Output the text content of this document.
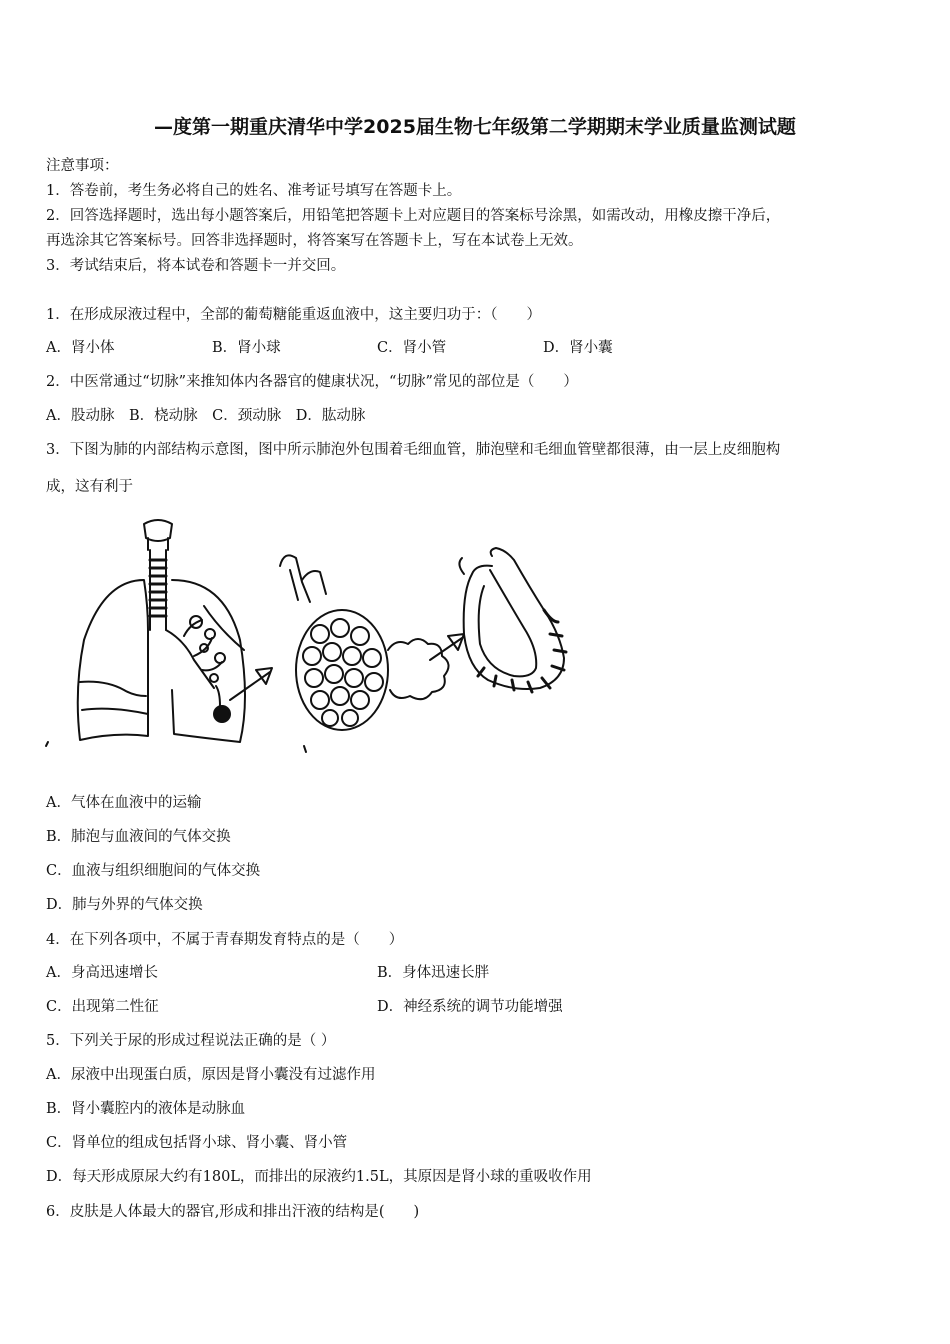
—度第一期重庆清华中学2025届生物七年级第二学期期末学业质量监测试题
注意事项：
1．答卷前，考生务必将自己的姓名、准考证号填写在答题卡上。
2．回答选择题时，选出每小题答案后，用铅笔把答题卡上对应题目的答案标号涂黑，如需改动，用橡皮擦干净后，
再选涂其它答案标号。回答非选择题时，将答案写在答题卡上，写在本试卷上无效。
3．考试结束后，将本试卷和答题卡一并交回。
1．在形成尿液过程中，全部的葡萄糖能重返血液中，这主要归功于：（　　）
A．肾小体	B．肾小球	C．肾小管	D．肾小囊
2．中医常通过“切脉”来推知体内各器官的健康状况，“切脉”常见的部位是（　　）
A．股动脉　B．桡动脉　C．颈动脉　D．肱动脉
3．下图为肺的内部结构示意图，图中所示肺泡外包围着毛细血管，肺泡壁和毛细血管壁都很薄，由一层上皮细胞构
成，这有利于
A．气体在血液中的运输
B．肺泡与血液间的气体交换
C．血液与组织细胞间的气体交换
D．肺与外界的气体交换
4．在下列各项中，不属于青春期发育特点的是（　　）
A．身高迅速增长	B．身体迅速长胖
C．出现第二性征	D．神经系统的调节功能增强
5．下列关于尿的形成过程说法正确的是（ ）
A．尿液中出现蛋白质，原因是肾小囊没有过滤作用
B．肾小囊腔内的液体是动脉血
C．肾单位的组成包括肾小球、肾小囊、肾小管
D．每天形成原尿大约有180L，而排出的尿液约1.5L，其原因是肾小球的重吸收作用
6．皮肤是人体最大的器官,形成和排出汗液的结构是(　　)
